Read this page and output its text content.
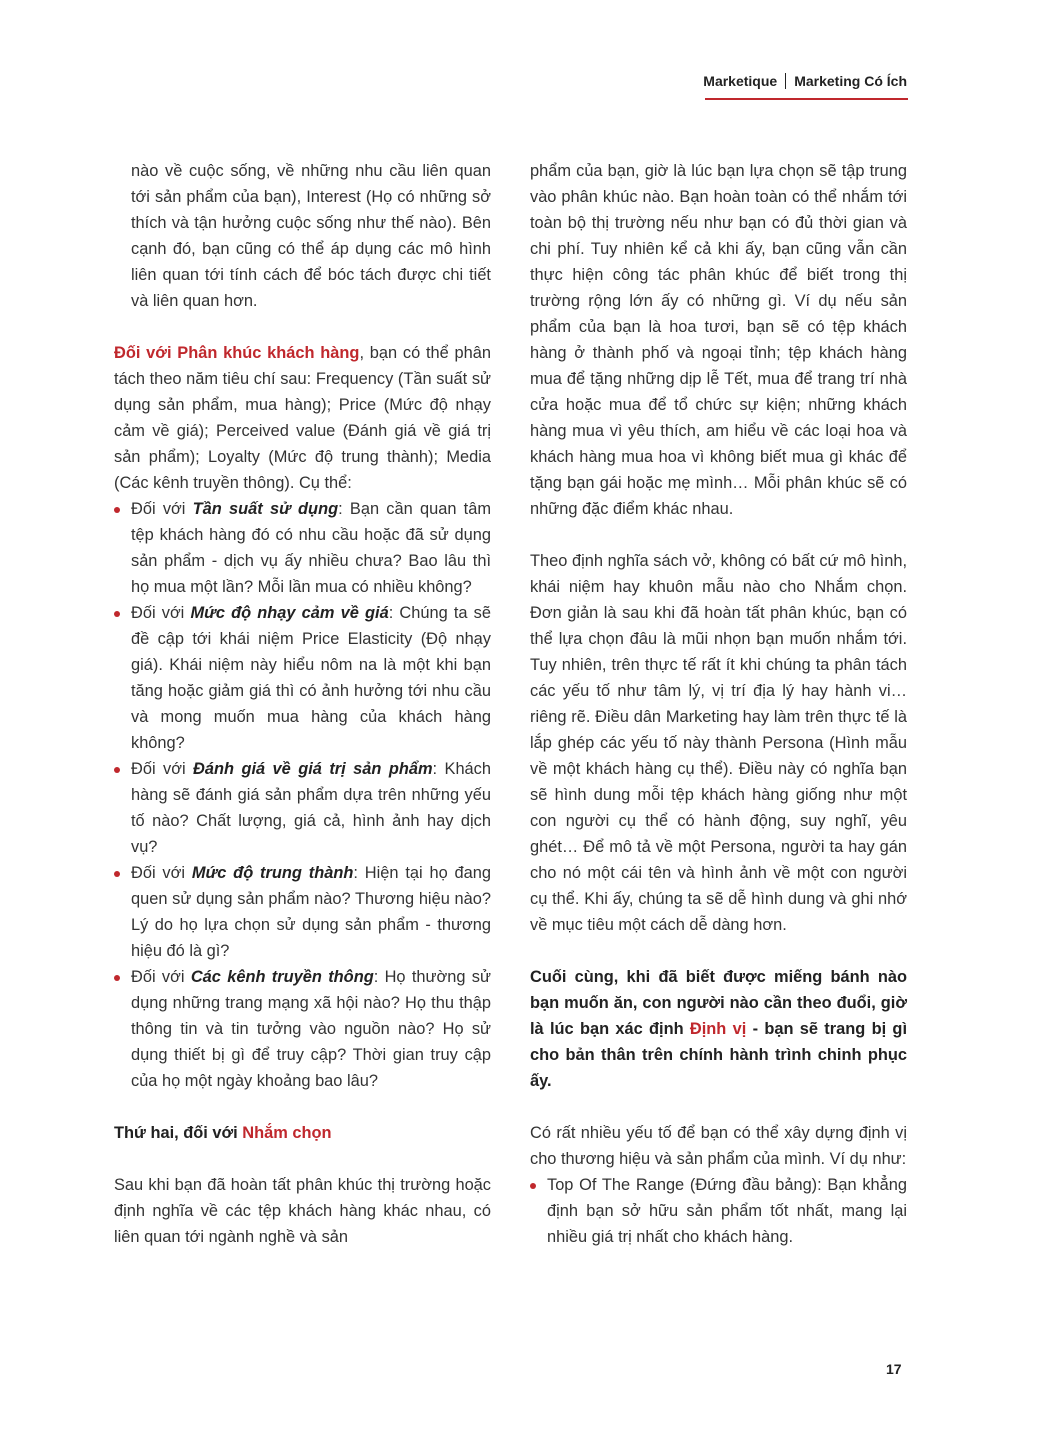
Marketique Marketing Có Ích

nào về cuộc sống, về những nhu cầu liên quan tới sản phẩm của bạn), Interest (Họ có những sở thích và tận hưởng cuộc sống như thế nào). Bên cạnh đó, bạn cũng có thể áp dụng các mô hình liên quan tới tính cách để bóc tách được chi tiết và liên quan hơn.

Đối với Phân khúc khách hàng, bạn có thể phân tách theo năm tiêu chí sau: Frequency (Tần suất sử dụng sản phẩm, mua hàng); Price (Mức độ nhạy cảm về giá); Perceived value (Đánh giá về giá trị sản phẩm); Loyalty (Mức độ trung thành); Media (Các kênh truyền thông). Cụ thể:

Đối với Tần suất sử dụng: Bạn cần quan tâm tệp khách hàng đó có nhu cầu hoặc đã sử dụng sản phẩm - dịch vụ ấy nhiều chưa? Bao lâu thì họ mua một lần? Mỗi lần mua có nhiều không?
Đối với Mức độ nhạy cảm về giá: Chúng ta sẽ đề cập tới khái niệm Price Elasticity (Độ nhạy giá). Khái niệm này hiểu nôm na là một khi bạn tăng hoặc giảm giá thì có ảnh hưởng tới nhu cầu và mong muốn mua hàng của khách hàng không?
Đối với Đánh giá về giá trị sản phẩm: Khách hàng sẽ đánh giá sản phẩm dựa trên những yếu tố nào? Chất lượng, giá cả, hình ảnh hay dịch vụ?
Đối với Mức độ trung thành: Hiện tại họ đang quen sử dụng sản phẩm nào? Thương hiệu nào? Lý do họ lựa chọn sử dụng sản phẩm - thương hiệu đó là gì?
Đối với Các kênh truyền thông: Họ thường sử dụng những trang mạng xã hội nào? Họ thu thập thông tin và tin tưởng vào nguồn nào? Họ sử dụng thiết bị gì để truy cập? Thời gian truy cập của họ một ngày khoảng bao lâu?

Thứ hai, đối với Nhắm chọn

Sau khi bạn đã hoàn tất phân khúc thị trường hoặc định nghĩa về các tệp khách hàng khác nhau, có liên quan tới ngành nghề và sản

phẩm của bạn, giờ là lúc bạn lựa chọn sẽ tập trung vào phân khúc nào. Bạn hoàn toàn có thể nhắm tới toàn bộ thị trường nếu như bạn có đủ thời gian và chi phí. Tuy nhiên kể cả khi ấy, bạn cũng vẫn cần thực hiện công tác phân khúc để biết trong thị trường rộng lớn ấy có những gì. Ví dụ nếu sản phẩm của bạn là hoa tươi, bạn sẽ có tệp khách hàng ở thành phố và ngoại tỉnh; tệp khách hàng mua để tặng những dịp lễ Tết, mua để trang trí nhà cửa hoặc mua để tổ chức sự kiện; những khách hàng mua vì yêu thích, am hiểu về các loại hoa và khách hàng mua hoa vì không biết mua gì khác để tặng bạn gái hoặc mẹ mình… Mỗi phân khúc sẽ có những đặc điểm khác nhau.

Theo định nghĩa sách vở, không có bất cứ mô hình, khái niệm hay khuôn mẫu nào cho Nhắm chọn. Đơn giản là sau khi đã hoàn tất phân khúc, bạn có thể lựa chọn đâu là mũi nhọn bạn muốn nhắm tới. Tuy nhiên, trên thực tế rất ít khi chúng ta phân tách các yếu tố như tâm lý, vị trí địa lý hay hành vi… riêng rẽ. Điều dân Marketing hay làm trên thực tế là lắp ghép các yếu tố này thành Persona (Hình mẫu về một khách hàng cụ thể). Điều này có nghĩa bạn sẽ hình dung mỗi tệp khách hàng giống như một con người cụ thể có hành động, suy nghĩ, yêu ghét… Để mô tả về một Persona, người ta hay gán cho nó một cái tên và hình ảnh về một con người cụ thể. Khi ấy, chúng ta sẽ dễ hình dung và ghi nhớ về mục tiêu một cách dễ dàng hơn.

Cuối cùng, khi đã biết được miếng bánh nào bạn muốn ăn, con người nào cần theo đuổi, giờ là lúc bạn xác định Định vị - bạn sẽ trang bị gì cho bản thân trên chính hành trình chinh phục ấy.

Có rất nhiều yếu tố để bạn có thể xây dựng định vị cho thương hiệu và sản phẩm của mình. Ví dụ như:

Top Of The Range (Đứng đầu bảng): Bạn khẳng định bạn sở hữu sản phẩm tốt nhất, mang lại nhiều giá trị nhất cho khách hàng.
17
